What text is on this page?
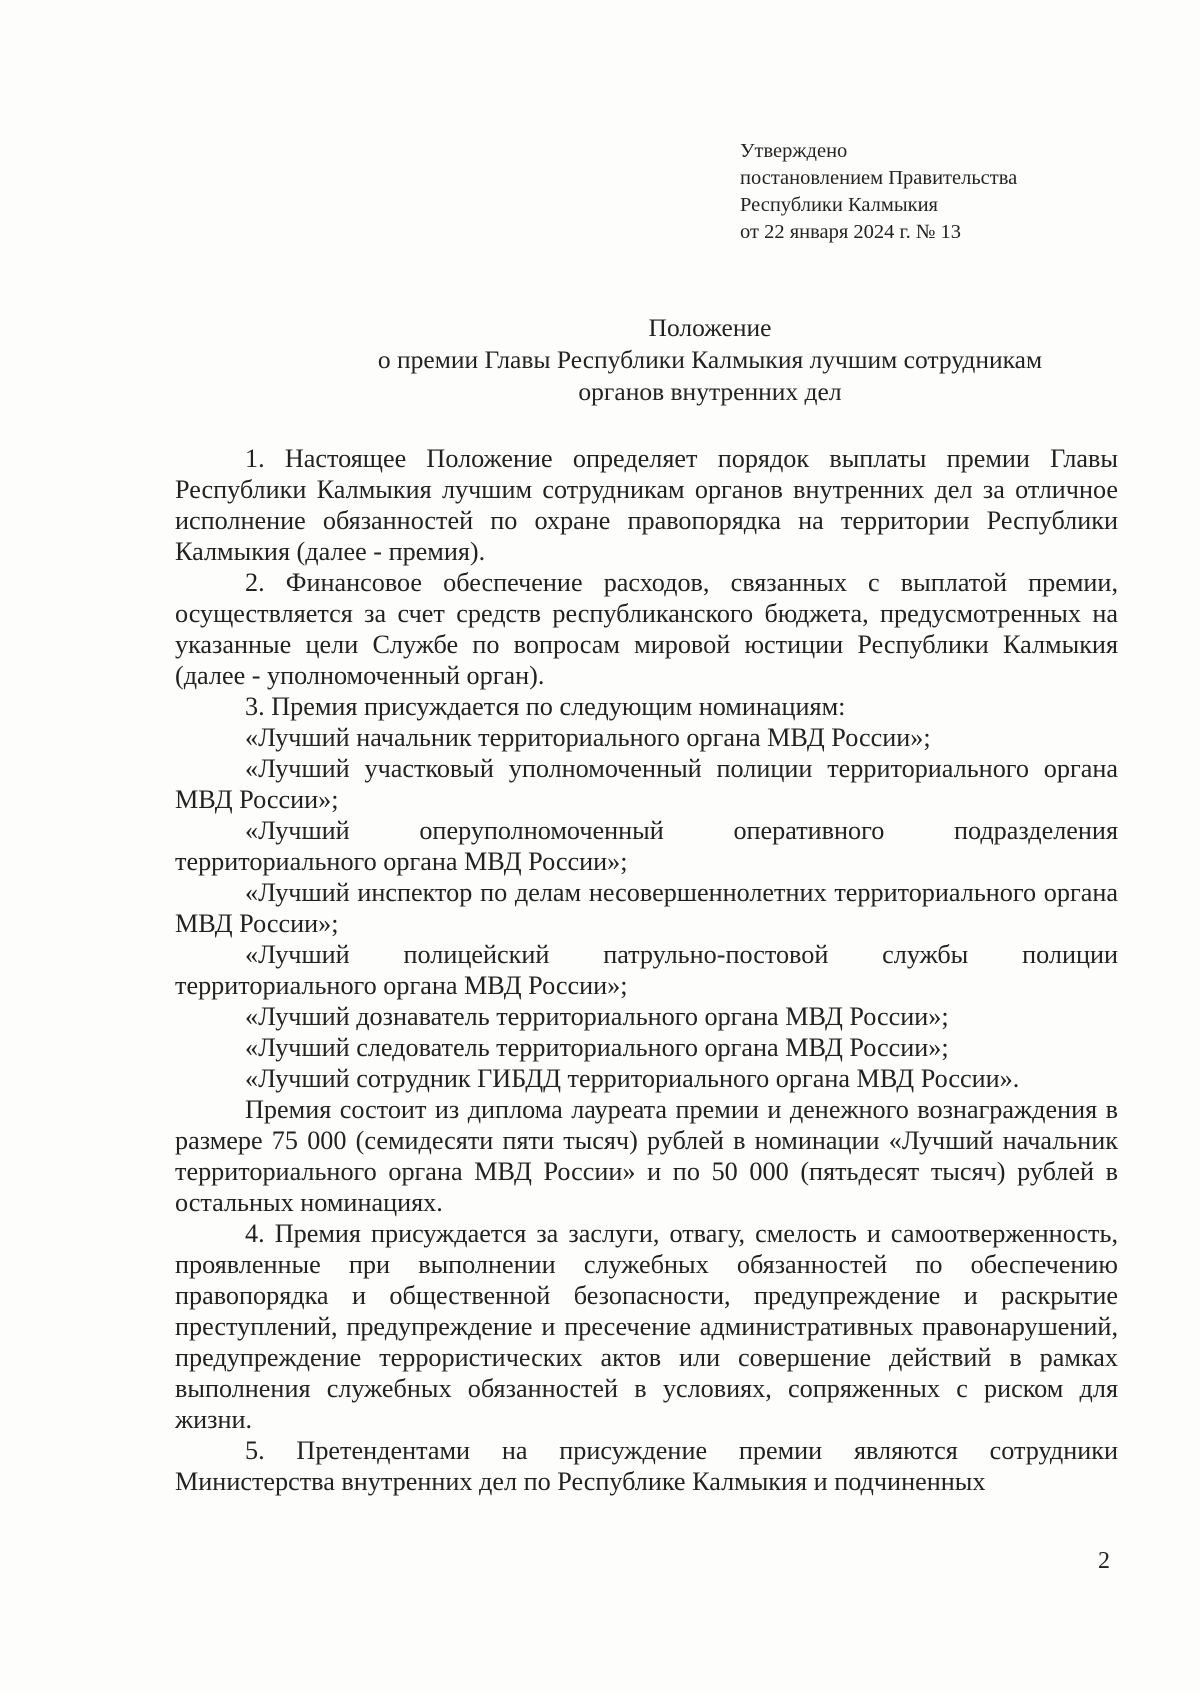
Утверждено
постановлением Правительства
Республики Калмыкия
от 22 января 2024 г. № 13
Положение
о премии Главы Республики Калмыкия лучшим сотрудникам
органов внутренних дел

1. Настоящее Положение определяет порядок выплаты премии Главы Республики Калмыкия лучшим сотрудникам органов внутренних дел за отличное исполнение обязанностей по охране правопорядка на территории Республики Калмыкия (далее - премия).

2. Финансовое обеспечение расходов, связанных с выплатой премии, осуществляется за счет средств республиканского бюджета, предусмотренных на указанные цели Службе по вопросам мировой юстиции Республики Калмыкия (далее - уполномоченный орган).

3. Премия присуждается по следующим номинациям:

«Лучший начальник территориального органа МВД России»;

«Лучший участковый уполномоченный полиции территориального органа МВД России»;

«Лучший оперуполномоченный оперативного подразделения территориального органа МВД России»;

«Лучший инспектор по делам несовершеннолетних территориального органа МВД России»;

«Лучший полицейский патрульно-постовой службы полиции территориального органа МВД России»;

«Лучший дознаватель территориального органа МВД России»;

«Лучший следователь территориального органа МВД России»;

«Лучший сотрудник ГИБДД территориального органа МВД России».

Премия состоит из диплома лауреата премии и денежного вознаграждения в размере 75 000 (семидесяти пяти тысяч) рублей в номинации «Лучший начальник территориального органа МВД России» и по 50 000 (пятьдесят тысяч) рублей в остальных номинациях.

4. Премия присуждается за заслуги, отвагу, смелость и самоотверженность, проявленные при выполнении служебных обязанностей по обеспечению правопорядка и общественной безопасности, предупреждение и раскрытие преступлений, предупреждение и пресечение административных правонарушений, предупреждение террористических актов или совершение действий в рамках выполнения служебных обязанностей в условиях, сопряженных с риском для жизни.

5. Претендентами на присуждение премии являются сотрудники Министерства внутренних дел по Республике Калмыкия и подчиненных

2
